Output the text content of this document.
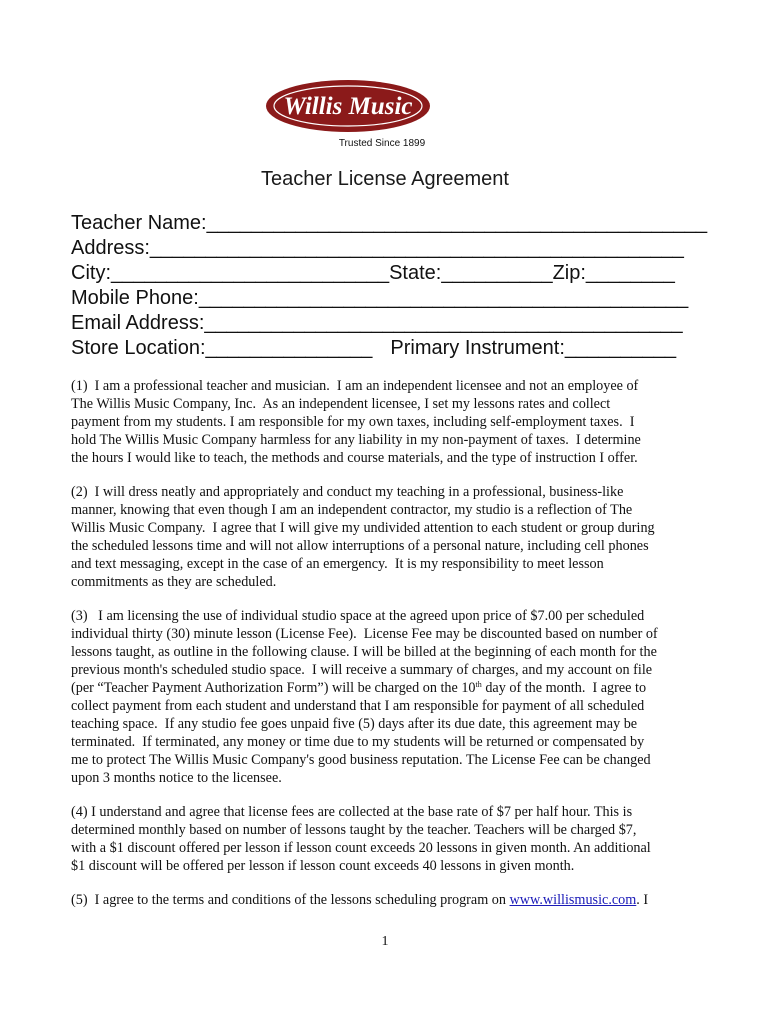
Willis Music
Trusted Since 1899
Teacher License Agreement
Teacher Name:_____________________________________________
Address:________________________________________________
City:_________________________State:__________Zip:________
Mobile Phone:____________________________________________
Email Address:___________________________________________
Store Location:_______________ Primary Instrument:__________
(1)  I am a professional teacher and musician.  I am an independent licensee and not an employee of
The Willis Music Company, Inc.  As an independent licensee, I set my lessons rates and collect
payment from my students. I am responsible for my own taxes, including self-employment taxes.  I
hold The Willis Music Company harmless for any liability in my non-payment of taxes.  I determine
the hours I would like to teach, the methods and course materials, and the type of instruction I offer.
(2)  I will dress neatly and appropriately and conduct my teaching in a professional, business-like
manner, knowing that even though I am an independent contractor, my studio is a reflection of The
Willis Music Company.  I agree that I will give my undivided attention to each student or group during
the scheduled lessons time and will not allow interruptions of a personal nature, including cell phones
and text messaging, except in the case of an emergency.  It is my responsibility to meet lesson
commitments as they are scheduled.
(3)   I am licensing the use of individual studio space at the agreed upon price of $7.00 per scheduled
individual thirty (30) minute lesson (License Fee).  License Fee may be discounted based on number of
lessons taught, as outline in the following clause. I will be billed at the beginning of each month for the
previous month's scheduled studio space.  I will receive a summary of charges, and my account on file
(per “Teacher Payment Authorization Form”) will be charged on the 10th day of the month.  I agree to
collect payment from each student and understand that I am responsible for payment of all scheduled
teaching space.  If any studio fee goes unpaid five (5) days after its due date, this agreement may be
terminated.  If terminated, any money or time due to my students will be returned or compensated by
me to protect The Willis Music Company's good business reputation. The License Fee can be changed
upon 3 months notice to the licensee.
(4) I understand and agree that license fees are collected at the base rate of $7 per half hour. This is
determined monthly based on number of lessons taught by the teacher. Teachers will be charged $7,
with a $1 discount offered per lesson if lesson count exceeds 20 lessons in given month. An additional
$1 discount will be offered per lesson if lesson count exceeds 40 lessons in given month.
(5)  I agree to the terms and conditions of the lessons scheduling program on www.willismusic.com. I
1
